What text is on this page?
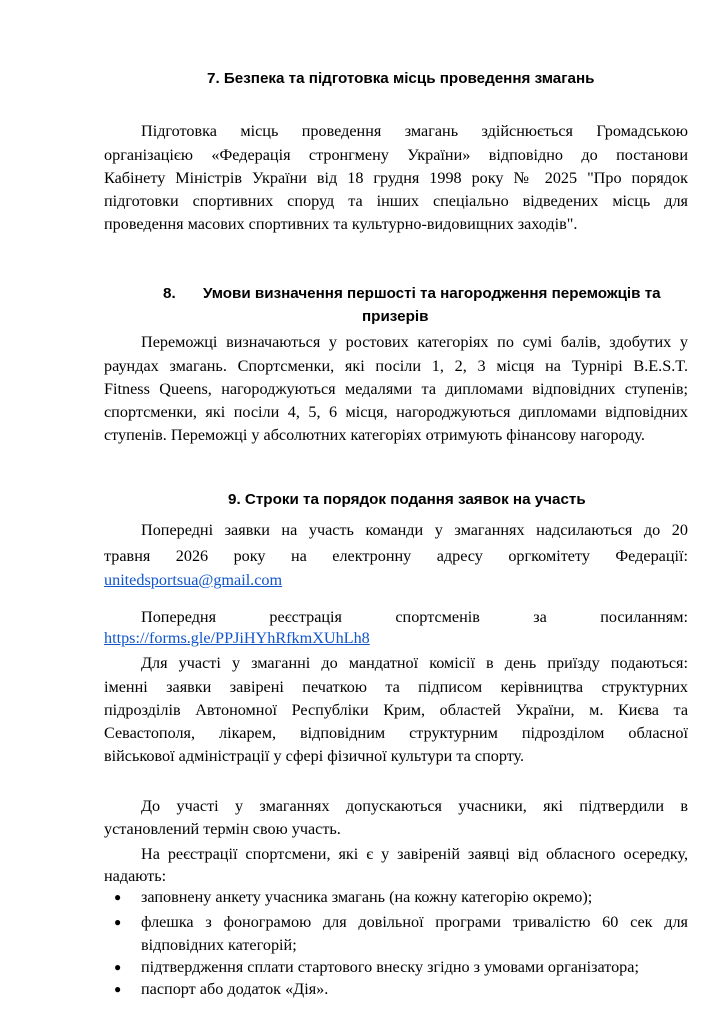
7. Безпека та підготовка місць проведення змагань
Підготовка місць проведення змагань здійснюється Громадською
організацією «Федерація стронгмену України» відповідно до постанови
Кабінету Міністрів України від 18 грудня 1998 року № 2025 "Про порядок
підготовки спортивних споруд та інших спеціально відведених місць для
проведення масових спортивних та культурно-видовищних заходів".
8. Умови визначення першості та нагородження переможців та
призерів
Переможці визначаються у ростових категоріях по сумі балів, здобутих у
раундах змагань. Спортсменки, які посіли 1, 2, 3 місця на Турнірі B.E.S.T.
Fitness Queens, нагороджуються медалями та дипломами відповідних ступенів;
спортсменки, які посіли 4, 5, 6 місця, нагороджуються дипломами відповідних
ступенів. Переможці у абсолютних категоріях отримують фінансову нагороду.
9. Строки та порядок подання заявок на участь
Попередні заявки на участь команди у змаганнях надсилаються до 20
травня 2026 року на електронну адресу оргкомітету Федерації:
unitedsportsua@gmail.com
Попередня реєстрація спортсменів за посиланням:
https://forms.gle/PPJiHYhRfkmXUhLh8
Для участі у змаганні до мандатної комісії в день приїзду подаються:
іменні заявки завірені печаткою та підписом керівництва структурних
підрозділів Автономної Республіки Крим, областей України, м. Києва та
Севастополя, лікарем, відповідним структурним підрозділом обласної
військової адміністрації у сфері фізичної культури та спорту.
До участі у змаганнях допускаються учасники, які підтвердили в
установлений термін свою участь.
На реєстрації спортсмени, які є у завіреній заявці від обласного осередку,
надають:
● заповнену анкету учасника змагань (на кожну категорію окремо);
● флешка з фонограмою для довільної програми тривалістю 60 сек для
відповідних категорій;
● підтвердження сплати стартового внеску згідно з умовами організатора;
● паспорт або додаток «Дія».
